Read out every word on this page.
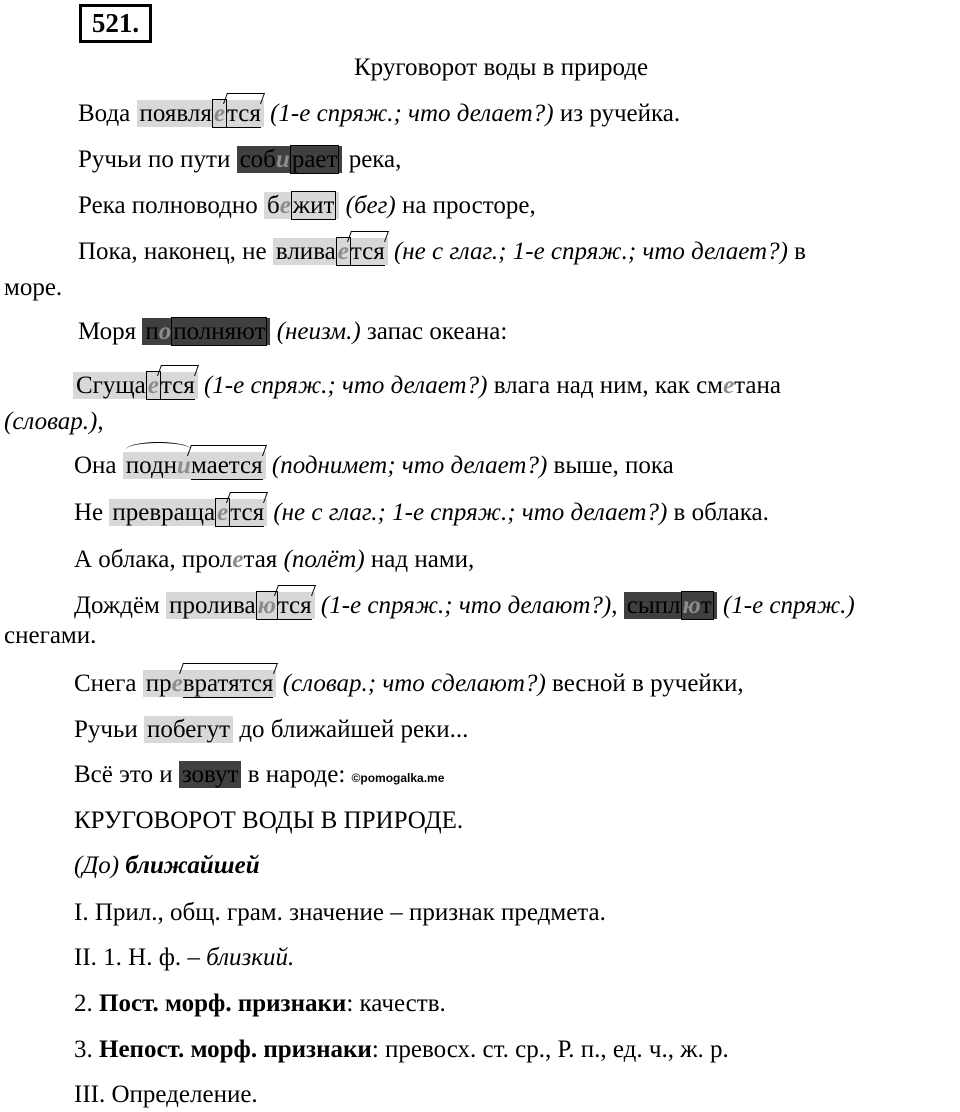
521.
Круговорот воды в природе
Вода появляется (1-е спряж.; что делает?) из ручейка.
Ручьи по пути собирает река,
Река полноводно бежит (бег) на просторе,
Пока, наконец, не вливается (не с глаг.; 1-е спряж.; что делает?) в
море.
Моря пополняют (неизм.) запас океана:
Сгущается (1-е спряж.; что делает?) влага над ним, как сметана
(словар.),
Она поднимается (поднимет; что делает?) выше, пока
Не превращается (не с глаг.; 1-е спряж.; что делает?) в облака.
А облака, пролетая (полёт) над нами,
Дождём проливаются (1-е спряж.; что делают?), сыплют (1-е спряж.)
снегами.
Снега превратятся (словар.; что сделают?) весной в ручейки,
Ручьи побегут до ближайшей реки...
Всё это и зовут в народе: ©pomogalka.me
КРУГОВОРОТ ВОДЫ В ПРИРОДЕ.
(До) ближайшей
I. Прил., общ. грам. значение – признак предмета.
II. 1. Н. ф. – близкий.
2. Пост. морф. признаки: качеств.
3. Непост. морф. признаки: превосх. ст. ср., Р. п., ед. ч., ж. р.
III. Определение.
